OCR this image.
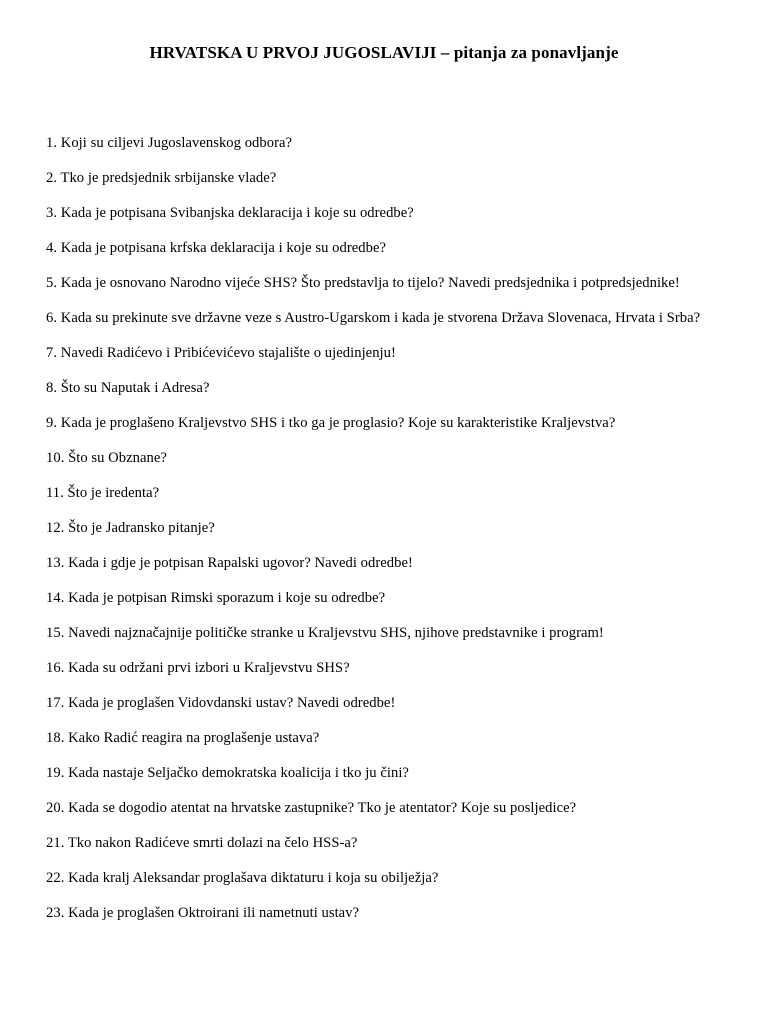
HRVATSKA U PRVOJ JUGOSLAVIJI – pitanja za ponavljanje
1. Koji su ciljevi Jugoslavenskog odbora?
2. Tko je predsjednik srbijanske vlade?
3. Kada je potpisana Svibanjska deklaracija i koje su odredbe?
4. Kada je potpisana krfska deklaracija i koje su odredbe?
5. Kada je osnovano Narodno vijeće SHS? Što predstavlja to tijelo? Navedi predsjednika i potpredsjednike!
6. Kada su prekinute sve državne veze s Austro-Ugarskom i kada je stvorena Država Slovenaca, Hrvata i Srba?
7. Navedi Radićevo i Pribićevićevo stajalište o ujedinjenju!
8. Što su Naputak i Adresa?
9. Kada je proglašeno Kraljevstvo SHS i tko ga je proglasio? Koje su karakteristike Kraljevstva?
10. Što su Obznane?
11. Što je iredenta?
12. Što je Jadransko pitanje?
13. Kada i gdje je potpisan Rapalski ugovor? Navedi odredbe!
14. Kada je potpisan Rimski sporazum i koje su odredbe?
15. Navedi najznačajnije političke stranke u Kraljevstvu SHS, njihove predstavnike i program!
16. Kada su održani prvi izbori u Kraljevstvu SHS?
17. Kada je proglašen Vidovdanski ustav? Navedi odredbe!
18. Kako Radić reagira na proglašenje ustava?
19. Kada nastaje Seljačko demokratska koalicija i tko ju čini?
20. Kada se dogodio atentat na hrvatske zastupnike? Tko je atentator? Koje su posljedice?
21. Tko nakon Radićeve smrti dolazi na čelo HSS-a?
22. Kada kralj Aleksandar proglašava diktaturu i koja su obilježja?
23. Kada je proglašen Oktroirani ili nametnuti ustav?
